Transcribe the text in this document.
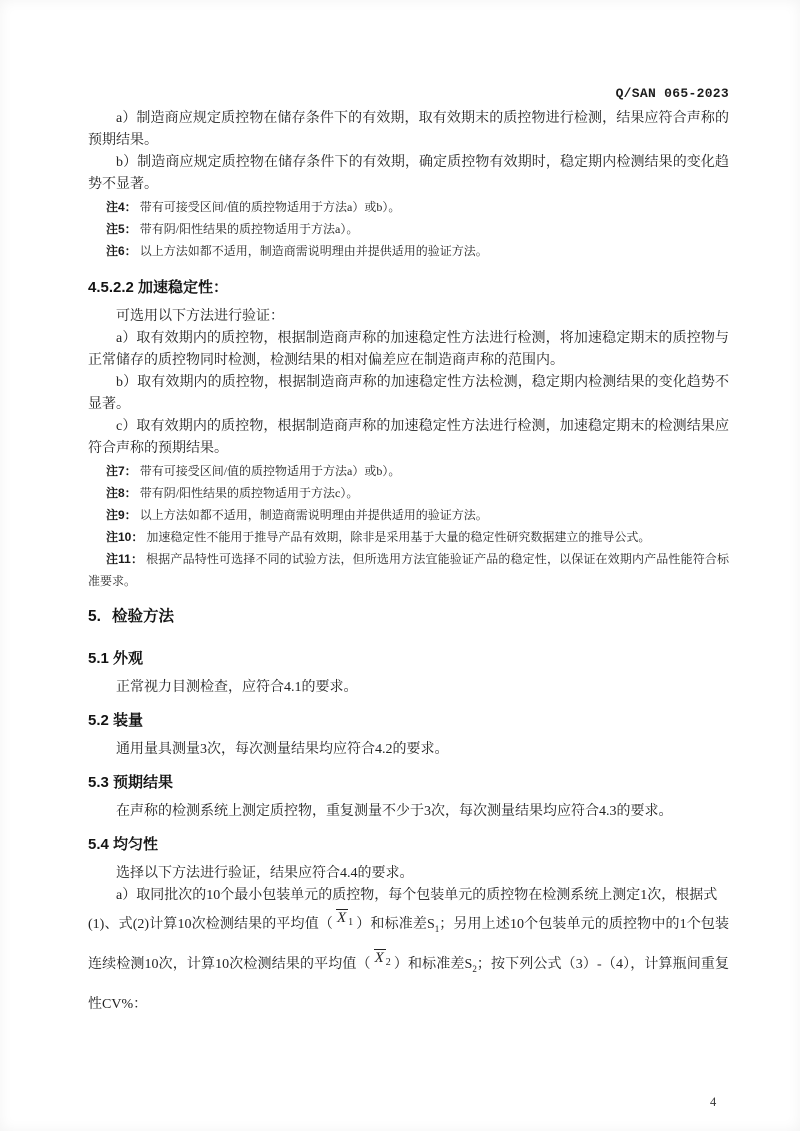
Q/SAN 065-2023

a）制造商应规定质控物在储存条件下的有效期，取有效期末的质控物进行检测，结果应符合声称的预期结果。

b）制造商应规定质控物在储存条件下的有效期，确定质控物有效期时，稳定期内检测结果的变化趋势不显著。

注4： 带有可接受区间/值的质控物适用于方法a）或b）。

注5： 带有阴/阳性结果的质控物适用于方法a）。

注6： 以上方法如都不适用，制造商需说明理由并提供适用的验证方法。

4.5.2.2 加速稳定性：

可选用以下方法进行验证：

a）取有效期内的质控物，根据制造商声称的加速稳定性方法进行检测，将加速稳定期末的质控物与正常储存的质控物同时检测，检测结果的相对偏差应在制造商声称的范围内。

b）取有效期内的质控物，根据制造商声称的加速稳定性方法检测，稳定期内检测结果的变化趋势不显著。

c）取有效期内的质控物，根据制造商声称的加速稳定性方法进行检测，加速稳定期末的检测结果应符合声称的预期结果。

注7： 带有可接受区间/值的质控物适用于方法a）或b）。

注8： 带有阴/阳性结果的质控物适用于方法c）。

注9： 以上方法如都不适用，制造商需说明理由并提供适用的验证方法。

注10： 加速稳定性不能用于推导产品有效期，除非是采用基于大量的稳定性研究数据建立的推导公式。

注11： 根据产品特性可选择不同的试验方法，但所选用方法宜能验证产品的稳定性，以保证在效期内产品性能符合标准要求。

5. 检验方法

5.1 外观

正常视力目测检查，应符合4.1的要求。

5.2 装量

通用量具测量3次，每次测量结果均应符合4.2的要求。

5.3 预期结果

在声称的检测系统上测定质控物，重复测量不少于3次，每次测量结果均应符合4.3的要求。

5.4 均匀性

选择以下方法进行验证，结果应符合4.4的要求。

a）取同批次的10个最小包装单元的质控物，每个包装单元的质控物在检测系统上测定1次，根据式

(1)、式(2)计算10次检测结果的平均值（ X $_1$ ）和标准差$S_1$；另用上述10个包装单元的质控物中的1个包装连续检测10次，计算10次检测结果的平均值（ X $_2$ ）和标准差$S_2$；按下列公式（3）-（4），计算瓶间重复性CV%：

4
